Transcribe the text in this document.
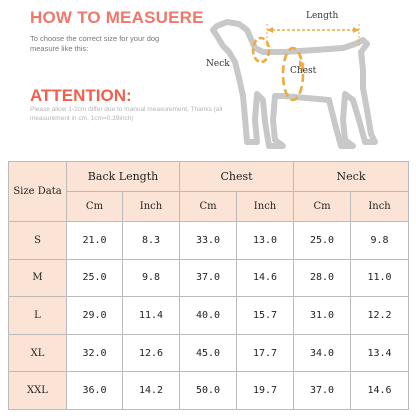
HOW TO MEASUERE
To choose the correct size for your dog measure like this:
ATTENTION:
Please allow 1-2cm differ due to manual measurement, Thanks (all measurement in cm, 1cm=0.39inch)
Length
Neck
Chest
Size Data	Back Length		Chest		Neck	
	Cm	Inch	Cm	Inch	Cm	Inch
S	21.0	8.3	33.0	13.0	25.0	9.8
M	25.0	9.8	37.0	14.6	28.0	11.0
L	29.0	11.4	40.0	15.7	31.0	12.2
XL	32.0	12.6	45.0	17.7	34.0	13.4
XXL	36.0	14.2	50.0	19.7	37.0	14.6
